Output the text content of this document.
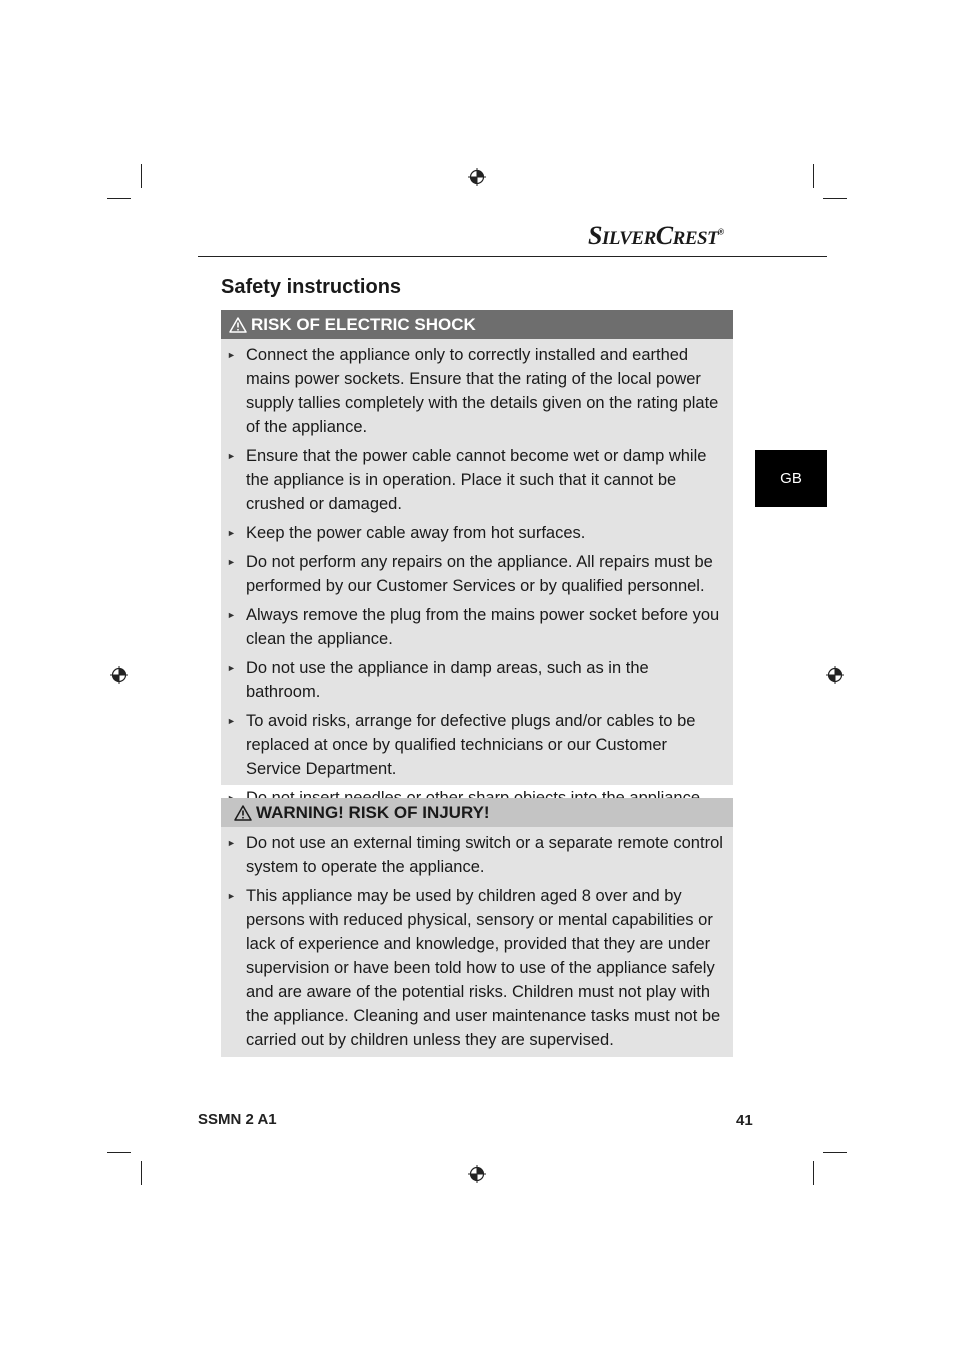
SILVERCREST®
Safety instructions
GB
RISK OF ELECTRIC SHOCK
► Connect the appliance only to correctly installed and earthed mains power sockets. Ensure that the rating of the local power supply tallies completely with the details given on the rating plate of the appliance.
► Ensure that the power cable cannot become wet or damp while the appliance is in operation. Place it such that it cannot be crushed or damaged.
► Keep the power cable away from hot surfaces.
► Do not perform any repairs on the appliance. All repairs must be performed by our Customer Services or by qualified personnel.
► Always remove the plug from the mains power socket before you clean the appliance.
► Do not use the appliance in damp areas, such as in the bathroom.
► To avoid risks, arrange for defective plugs and/or cables to be replaced at once by qualified technicians or our Customer Service Department.
WARNING! RISK OF INJURY!
► Do not use an external timing switch or a separate remote control system to operate the appliance.
► This appliance may be used by children aged 8 over and by persons with reduced physical, sensory or mental capabilities or lack of experience and knowledge, provided that they are under supervision or have been told how to use of the appliance safely and are aware of the potential risks. Children must not play with the appliance. Cleaning and user maintenance tasks must not be carried out by children unless they are supervised.
SSMN 2 A1	41
